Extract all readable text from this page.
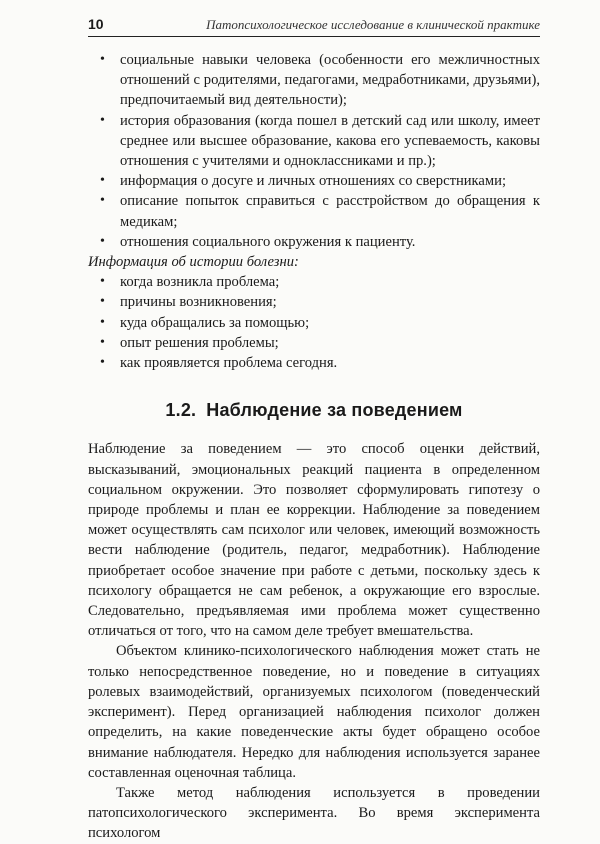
10	Патопсихологическое исследование в клинической практике
• социальные навыки человека (особенности его межличностных отношений с родителями, педагогами, медработниками, друзьями), предпочитаемый вид деятельности);
• история образования (когда пошел в детский сад или школу, имеет среднее или высшее образование, какова его успеваемость, каковы отношения с учителями и одноклассниками и пр.);
• информация о досуге и личных отношениях со сверстниками;
• описание попыток справиться с расстройством до обращения к медикам;
• отношения социального окружения к пациенту.

Информация об истории болезни:

• когда возникла проблема;
• причины возникновения;
• куда обращались за помощью;
• опыт решения проблемы;
• как проявляется проблема сегодня.
1.2. Наблюдение за поведением

Наблюдение за поведением — это способ оценки действий, высказываний, эмоциональных реакций пациента в определенном социальном окружении. Это позволяет сформулировать гипотезу о природе проблемы и план ее коррекции. Наблюдение за поведением может осуществлять сам психолог или человек, имеющий возможность вести наблюдение (родитель, педагог, медработник). Наблюдение приобретает особое значение при работе с детьми, поскольку здесь к психологу обращается не сам ребенок, а окружающие его взрослые. Следовательно, предъявляемая ими проблема может существенно отличаться от того, что на самом деле требует вмешательства.

Объектом клинико-психологического наблюдения может стать не только непосредственное поведение, но и поведение в ситуациях ролевых взаимодействий, организуемых психологом (поведенческий эксперимент). Перед организацией наблюдения психолог должен определить, на какие поведенческие акты будет обращено особое внимание наблюдателя. Нередко для наблюдения используется заранее составленная оценочная таблица.

Также метод наблюдения используется в проведении патопсихологического эксперимента. Во время эксперимента психологом
